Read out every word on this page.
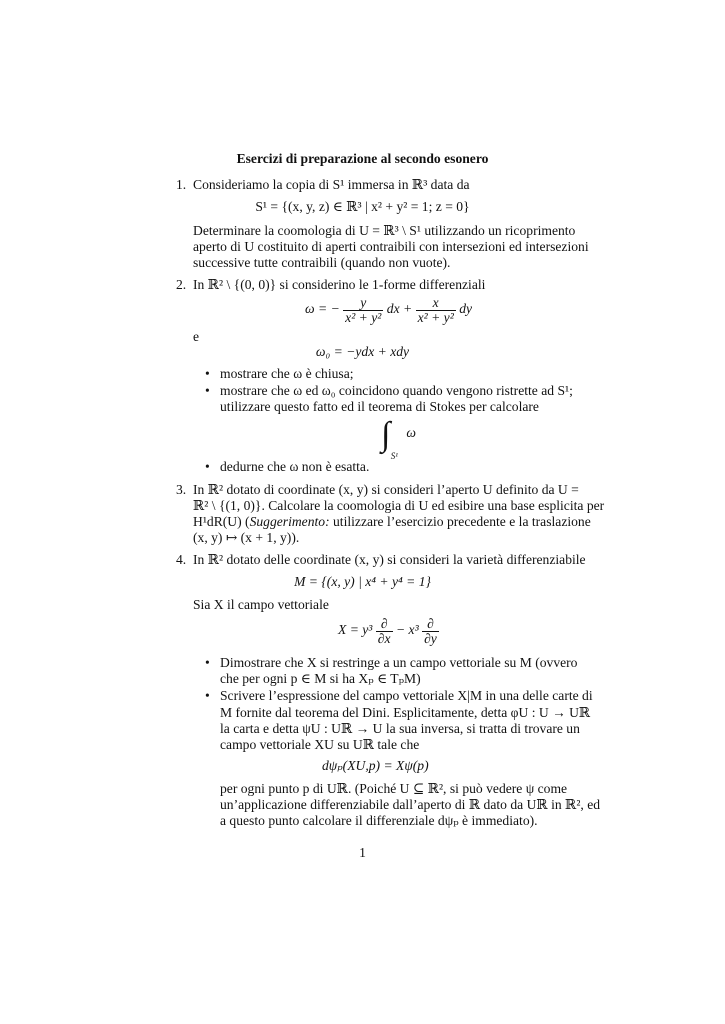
Esercizi di preparazione al secondo esonero
1. Consideriamo la copia di S¹ immersa in ℝ³ data da
S¹ = {(x, y, z) ∈ ℝ³ | x² + y² = 1; z = 0}
Determinare la coomologia di U = ℝ³ \ S¹ utilizzando un ricoprimento
aperto di U costituito di aperti contraibili con intersezioni ed intersezioni
successive tutte contraibili (quando non vuote).
2. In ℝ² \ {(0, 0)} si considerino le 1-forme differenziali
ω = − $\frac{y}{\text{x² + y²}}$ dx + $\frac{x}{\text{x² + y²}}$ dy
e
ω₀ = −ydx + xdy
• mostrare che ω è chiusa;
• mostrare che ω ed ω₀ coincidono quando vengono ristrette ad S¹;
utilizzare questo fatto ed il teorema di Stokes per calcolare
∫ $_{S^1}$ ω
• dedurne che ω non è esatta.
3. In ℝ² dotato di coordinate (x, y) si consideri l’aperto U definito da U =
ℝ² \ {(1, 0)}. Calcolare la coomologia di U ed esibire una base esplicita per
H¹dR(U) (Suggerimento: utilizzare l’esercizio precedente e la traslazione
(x, y) ↦ (x + 1, y)).
4. In ℝ² dotato delle coordinate (x, y) si consideri la varietà differenziabile
M = {(x, y) | x⁴ + y⁴ = 1}
Sia X il campo vettoriale
$X = y^3 \frac{\partial}{\partial x} - x^3 \frac{\partial}{\partial y}$
• Dimostrare che X si restringe a un campo vettoriale su M (ovvero
che per ogni p ∈ M si ha Xₚ ∈ TₚM)
• Scrivere l’espressione del campo vettoriale X|M in una delle carte di
M fornite dal teorema del Dini. Esplicitamente, detta φU : U → Uℝ
la carta e detta ψU : Uℝ → U la sua inversa, si tratta di trovare un
campo vettoriale XU su Uℝ tale che
dψₚ(XU,p) = Xψ(p)
per ogni punto p di Uℝ. (Poiché U ⊆ ℝ², si può vedere ψ come
un’applicazione differenziabile dall’aperto di ℝ dato da Uℝ in ℝ², ed
a questo punto calcolare il differenziale dψₚ è immediato).
1
